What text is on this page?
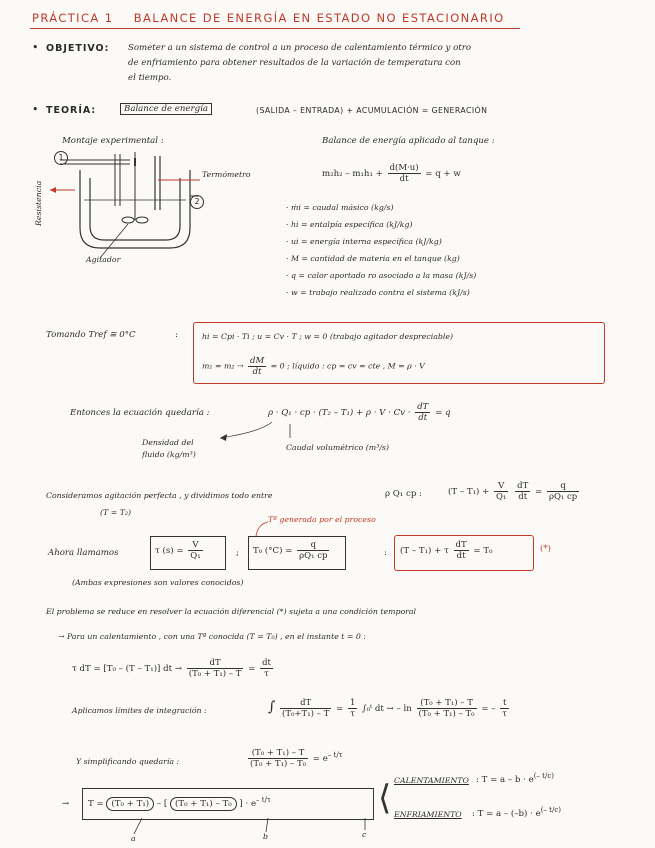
PRÁCTICA 1 BALANCE DE ENERGÍA EN ESTADO NO ESTACIONARIO
• OBJETIVO: Someter a un sistema de control a un proceso de calentamiento térmico y otro
de enfriamiento para obtener resultados de la variación de temperatura con
el tiempo.
• TEORÍA:	Balance de energía	(SALIDA – ENTRADA) + ACUMULACIÓN = GENERACIÓN
Montaje experimental :
1
2
Termómetro
Resistencia
Agitador
Balance de energía aplicado al tanque :
$m_2h_2 - m_1h_1 + \frac{d(M\cdot u)}{dt} = q + w$
· ṁi = caudal másico (kg/s)
· hi = entalpía específica (kJ/kg)
· ui = energía interna específica (kJ/kg)
· M = cantidad de materia en el tanque (kg)
· q = calor aportado ro asociado a la masa (kJ/s)
· w = trabajo realizado contra el sistema (kJ/s)
Tomando Tref ≅ 0°C	:	hi = Cpi · Ti ; u = Cv · T ; w = 0 (trabajo agitador despreciable)
$m_1 = m_2 \to \frac{dM}{dt} = 0$ ; líquido : cp = cv = cte , M = ρ · V
Entonces la ecuación quedaría :	ρ · Q₁ · cp · $(T_2 - T_1) + \rho \cdot V \cdot Cv \cdot \frac{dT}{dt} = q$
Densidad del
fluido (kg/m³)
Caudal volumétrico (m³/s)
Consideramos agitación perfecta , y dividimos todo entre	ρ Q₁ cp :	$(T - T_1) + \frac{V}{\text{Q₁}}$
$\frac{dT}{dt} = \frac{q}{\text{ρQ₁ cp}}$
(T = T₂)
Tª generada por el proceso
Ahora llamamos	τ $(s) = \frac{V}{\text{Q₁}}$	; T₀ $(^\circ C) = \frac{q}{\text{ρQ₁ cp}}$	: (T – T₁) + τ $\frac{dT}{dt} = T_0$	(*)
(Ambas expresiones son valores conocidos)
El problema se reduce en resolver la ecuación diferencial (*) sujeta a una condición temporal
→ Para un calentamiento , con una Tª conocida (T = T₀) , en el instante t = 0 :
τ dT = [T₀ – (T – T₁)] dt → $\frac{dT}{\text{(T₀ + T₁) – T}} = \frac{dt}{\tau}$
Aplicamos límites de integración :	∫ $\frac{dT}{\text{(T₀+T₁) – T}} = \frac{1}{\tau}$ ∫₀ᵗ dt → – $\ln \frac{\text{(T₀ + T₁) – T}}{\text{(T₀ + T₁) – T₀}}$ = – $\frac{t}{\tau}$
Y simplificando quedaría :	$\frac{\text{(T₀ + T₁) – T}}{\text{(T₀ + T₁) – T₀}} = e^{- t/\tau}$
→ T = (T₀ + T₁) – [ (T₀ + T₁) – T₀ ] · $e^{- t/\tau}$
a	b	c
⟨ CALENTAMIENTO : $T = a - b \cdot e^{(- t/c)}$
ENFRIAMIENTO : $T = a - (-b) \cdot e^{(- t/c)}$
